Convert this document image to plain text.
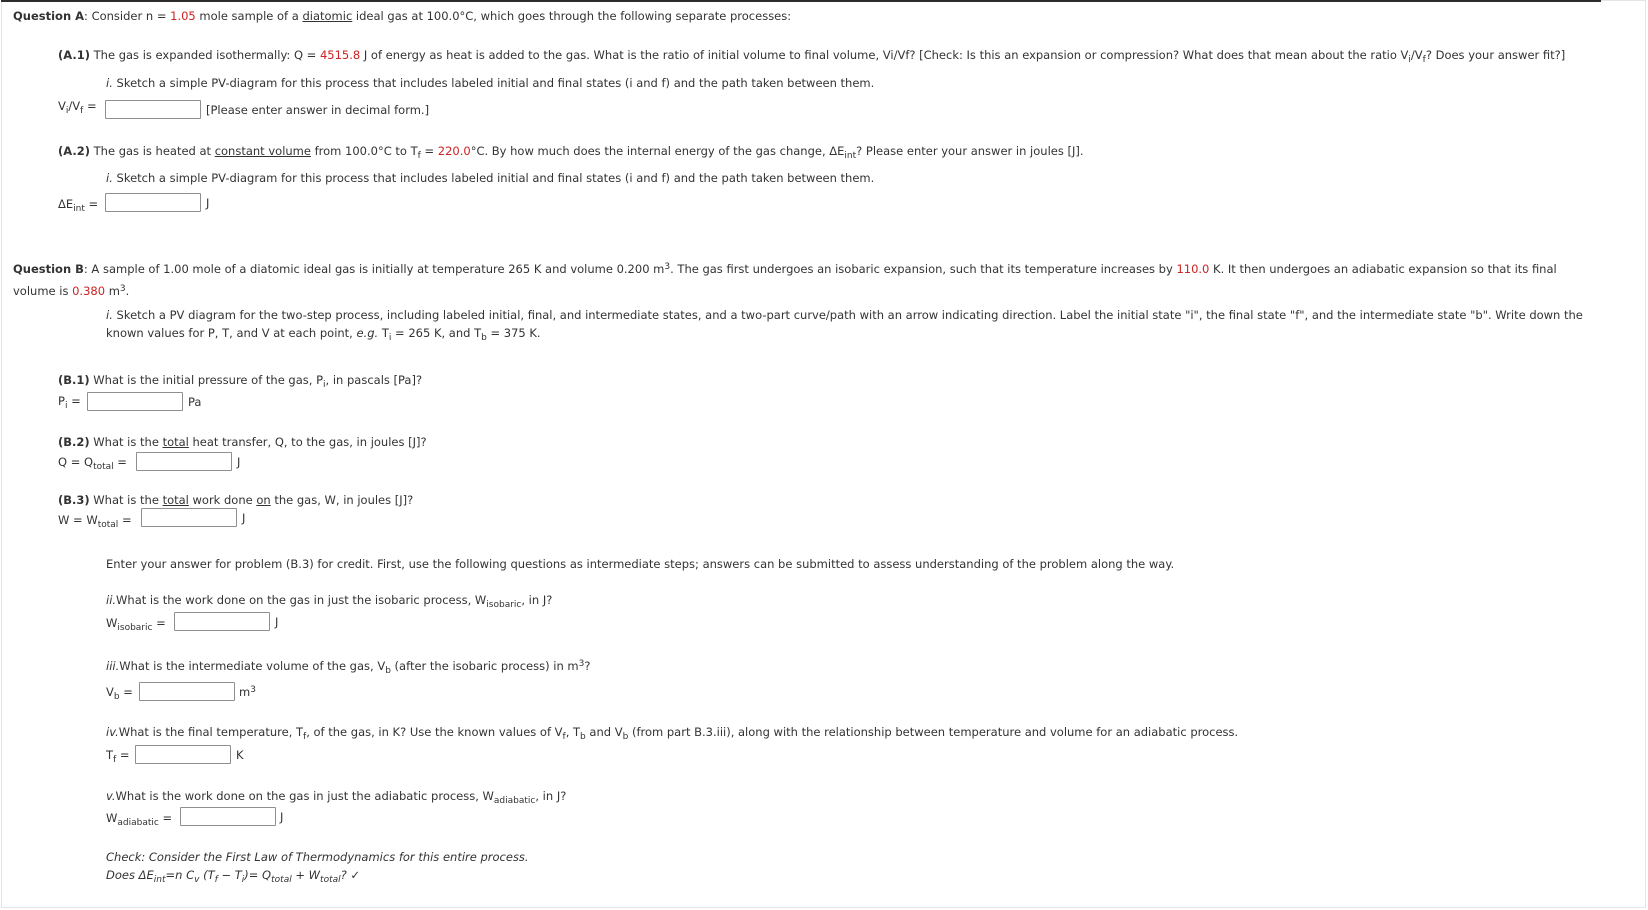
Question A: Consider n = 1.05 mole sample of a diatomic ideal gas at 100.0°C, which goes through the following separate processes:
(A.1) The gas is expanded isothermally: Q = 4515.8 J of energy as heat is added to the gas. What is the ratio of initial volume to final volume, Vi/Vf? [Check: Is this an expansion or compression? What does that mean about the ratio $V_i/V_f$? Does your answer fit?]
i. Sketch a simple PV-diagram for this process that includes labeled initial and final states (i and f) and the path taken between them.
$V_i/V_f$ =	[Please enter answer in decimal form.]
(A.2) The gas is heated at constant volume from 100.0°C to $T_f = 220.0^\circ C$. By how much does the internal energy of the gas change, $\Delta E_{int}$? Please enter your answer in joules [J].
i. Sketch a simple PV-diagram for this process that includes labeled initial and final states (i and f) and the path taken between them.
$\Delta E_{int}$ =	J
Question B: A sample of 1.00 mole of a diatomic ideal gas is initially at temperature 265 K and volume 0.200 $m^3$. The gas first undergoes an isobaric expansion, such that its temperature increases by 110.0 K. It then undergoes an adiabatic expansion so that its final
volume is 0.380 $m^3$.
i. Sketch a PV diagram for the two-step process, including labeled initial, final, and intermediate states, and a two-part curve/path with an arrow indicating direction. Label the initial state "i", the final state "f", and the intermediate state "b". Write down the
known values for P, T, and V at each point, e.g. $T_i = 265$ K, and $T_b = 375$ K.
(B.1) What is the initial pressure of the gas, $P_i$, in pascals [Pa]?
$P_i$ =	Pa
(B.2) What is the total heat transfer, Q, to the gas, in joules [J]?
$Q = Q_{total}$ =	J
(B.3) What is the total work done on the gas, W, in joules [J]?
$W = W_{total}$ =	J
Enter your answer for problem (B.3) for credit. First, use the following questions as intermediate steps; answers can be submitted to assess understanding of the problem along the way.
ii.What is the work done on the gas in just the isobaric process, $W_{isobaric}$, in J?
$W_{isobaric}$ =	J
iii.What is the intermediate volume of the gas, $V_b$ (after the isobaric process) in $m^3$?
$V_b$ =	$m^3$
iv.What is the final temperature, $T_f$, of the gas, in K? Use the known values of $V_f$, $T_b$ and $V_b$ (from part B.3.iii), along with the relationship between temperature and volume for an adiabatic process.
$T_f$ =	K
v.What is the work done on the gas in just the adiabatic process, $W_{adiabatic}$, in J?
$W_{adiabatic}$ =	J
Check: Consider the First Law of Thermodynamics for this entire process.
Does $\Delta E_{int}=n$ $C_v$ $(T_f - T_i)= Q_{total} + W_{total}$? ✓
